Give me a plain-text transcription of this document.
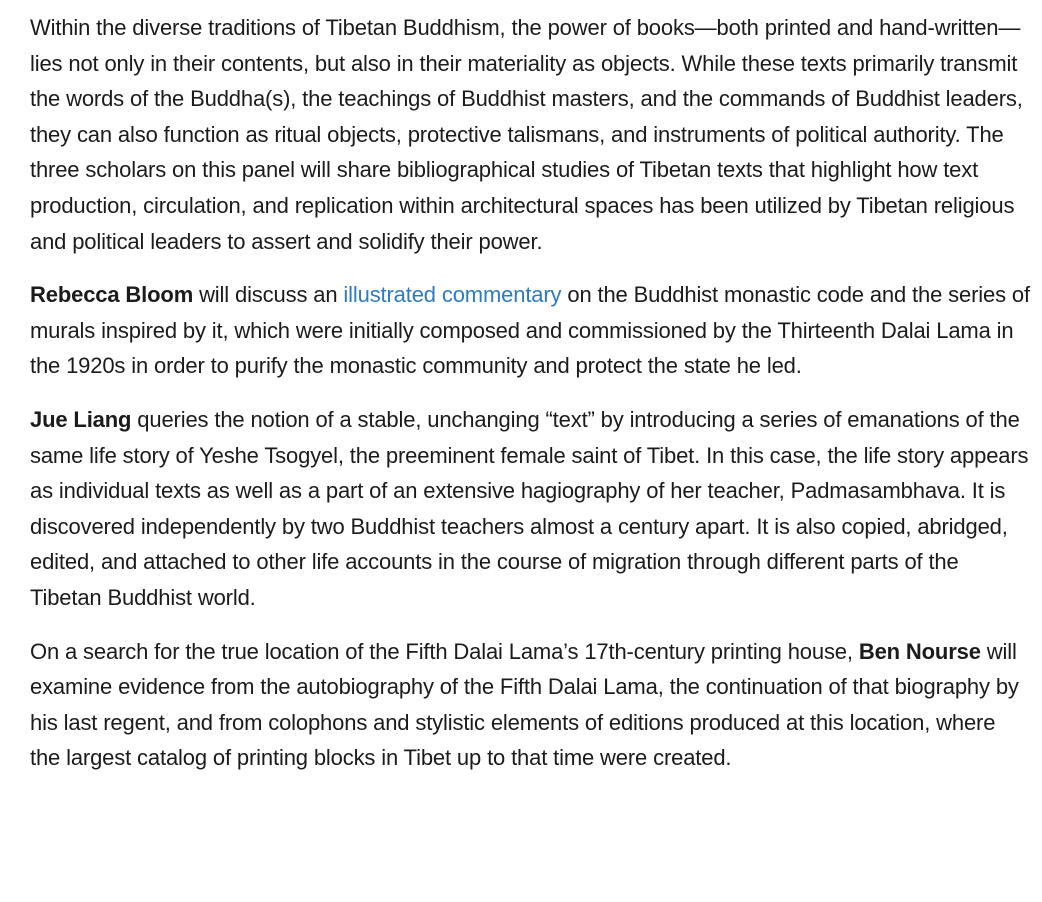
Within the diverse traditions of Tibetan Buddhism, the power of books—both printed and hand-written—lies not only in their contents, but also in their materiality as objects. While these texts primarily transmit the words of the Buddha(s), the teachings of Buddhist masters, and the commands of Buddhist leaders, they can also function as ritual objects, protective talismans, and instruments of political authority. The three scholars on this panel will share bibliographical studies of Tibetan texts that highlight how text production, circulation, and replication within architectural spaces has been utilized by Tibetan religious and political leaders to assert and solidify their power.

Rebecca Bloom will discuss an illustrated commentary on the Buddhist monastic code and the series of murals inspired by it, which were initially composed and commissioned by the Thirteenth Dalai Lama in the 1920s in order to purify the monastic community and protect the state he led.

Jue Liang queries the notion of a stable, unchanging “text” by introducing a series of emanations of the same life story of Yeshe Tsogyel, the preeminent female saint of Tibet. In this case, the life story appears as individual texts as well as a part of an extensive hagiography of her teacher, Padmasambhava. It is discovered independently by two Buddhist teachers almost a century apart. It is also copied, abridged, edited, and attached to other life accounts in the course of migration through different parts of the Tibetan Buddhist world.

On a search for the true location of the Fifth Dalai Lama’s 17th-century printing house, Ben Nourse will examine evidence from the autobiography of the Fifth Dalai Lama, the continuation of that biography by his last regent, and from colophons and stylistic elements of editions produced at this location, where the largest catalog of printing blocks in Tibet up to that time were created.
